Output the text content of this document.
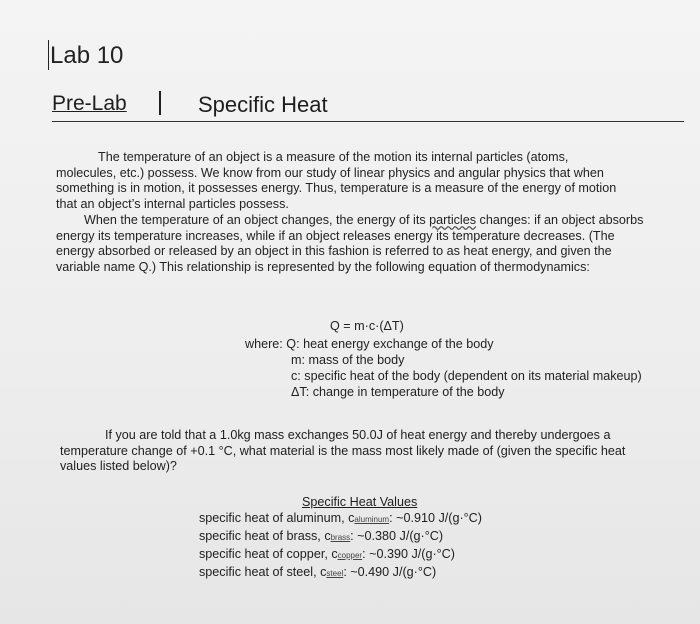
Lab 10
Pre-Lab	Specific Heat
The temperature of an object is a measure of the motion its internal particles (atoms,
molecules, etc.) possess. We know from our study of linear physics and angular physics that when
something is in motion, it possesses energy. Thus, temperature is a measure of the energy of motion
that an object’s internal particles possess.
When the temperature of an object changes, the energy of its particles changes: if an object absorbs
energy its temperature increases, while if an object releases energy its temperature decreases. (The
energy absorbed or released by an object in this fashion is referred to as heat energy, and given the
variable name Q.) This relationship is represented by the following equation of thermodynamics:
Q = m·c·(ΔT)
where: Q: heat energy exchange of the body
m: mass of the body
c: specific heat of the body (dependent on its material makeup)
ΔT: change in temperature of the body
If you are told that a 1.0kg mass exchanges 50.0J of heat energy and thereby undergoes a
temperature change of +0.1 °C, what material is the mass most likely made of (given the specific heat
values listed below)?
Specific Heat Values
specific heat of aluminum, caluminum: ~0.910 J/(g·°C)
specific heat of brass, cbrass: ~0.380 J/(g·°C)
specific heat of copper, ccopper: ~0.390 J/(g·°C)
specific heat of steel, csteel: ~0.490 J/(g·°C)
